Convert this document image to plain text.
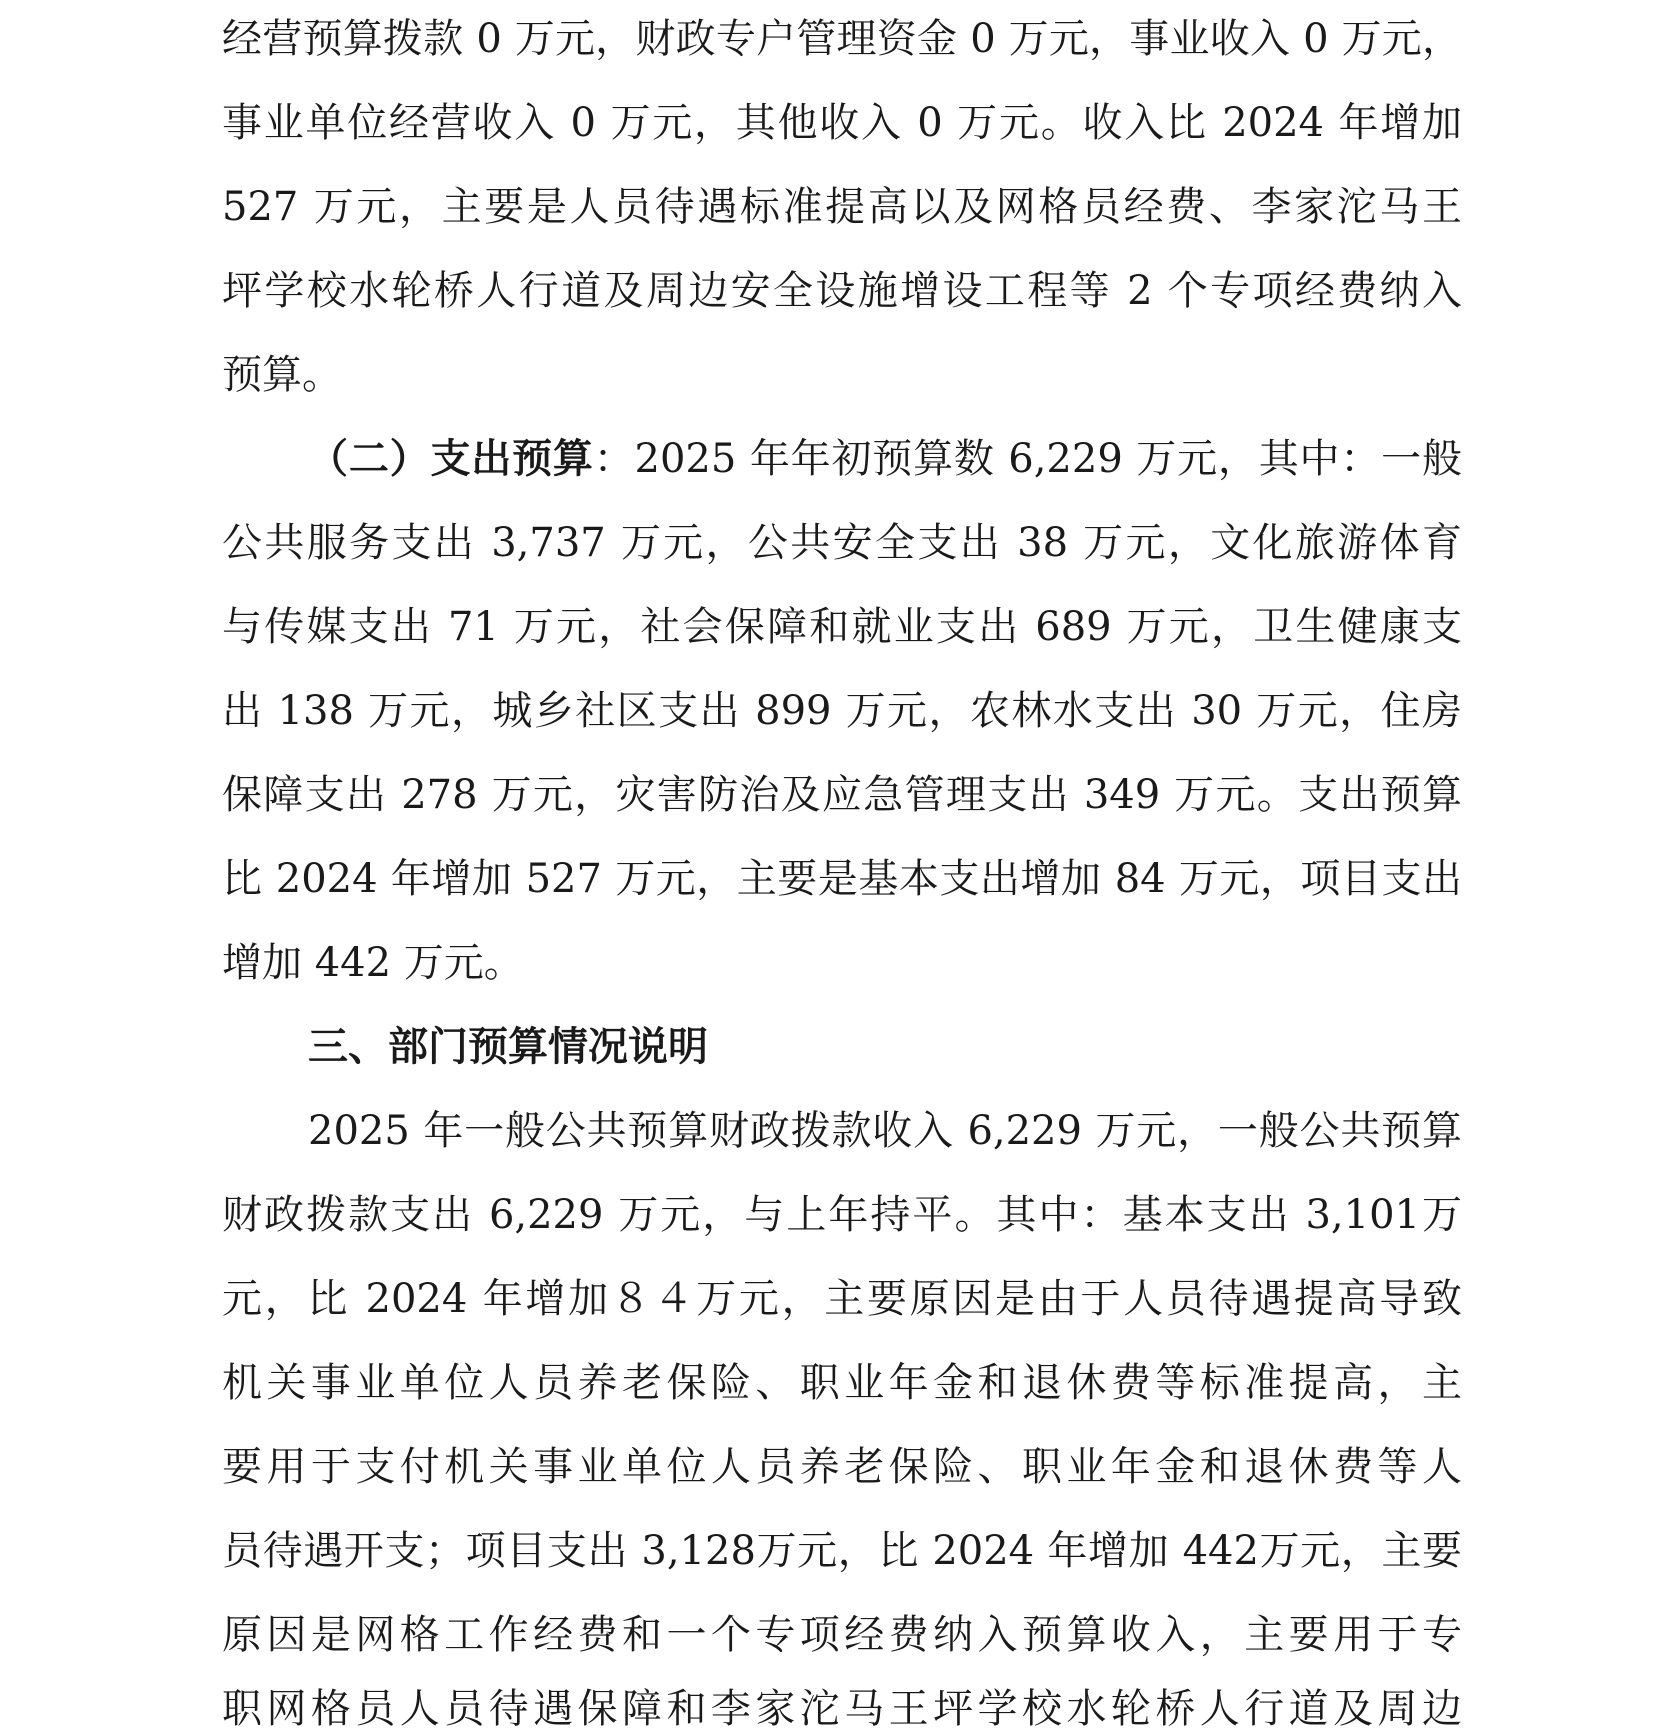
经营预算拨款 0 万元，财政专户管理资金 0 万元，事业收入 0 万元，
事业单位经营收入 0 万元，其他收入 0 万元。收入比 2024 年增加
527 万元，主要是人员待遇标准提高以及网格员经费、李家沱马王
坪学校水轮桥人行道及周边安全设施增设工程等 2 个专项经费纳入
预算。
（二）支出预算：2025 年年初预算数 6,229 万元，其中：一般
公共服务支出 3,737 万元，公共安全支出 38 万元，文化旅游体育
与传媒支出 71 万元，社会保障和就业支出 689 万元，卫生健康支
出 138 万元，城乡社区支出 899 万元，农林水支出 30 万元，住房
保障支出 278 万元，灾害防治及应急管理支出 349 万元。支出预算
比 2024 年增加 527 万元，主要是基本支出增加 84 万元，项目支出
增加 442 万元。
三、部门预算情况说明
2025 年一般公共预算财政拨款收入 6,229 万元，一般公共预算
财政拨款支出 6,229 万元，与上年持平。其中：基本支出 3,101万
元，比 2024 年增加８４万元，主要原因是由于人员待遇提高导致
机关事业单位人员养老保险、职业年金和退休费等标准提高，主
要用于支付机关事业单位人员养老保险、职业年金和退休费等人
员待遇开支；项目支出 3,128万元，比 2024 年增加 442万元，主要
原因是网格工作经费和一个专项经费纳入预算收入，主要用于专
职网格员人员待遇保障和李家沱马王坪学校水轮桥人行道及周边
